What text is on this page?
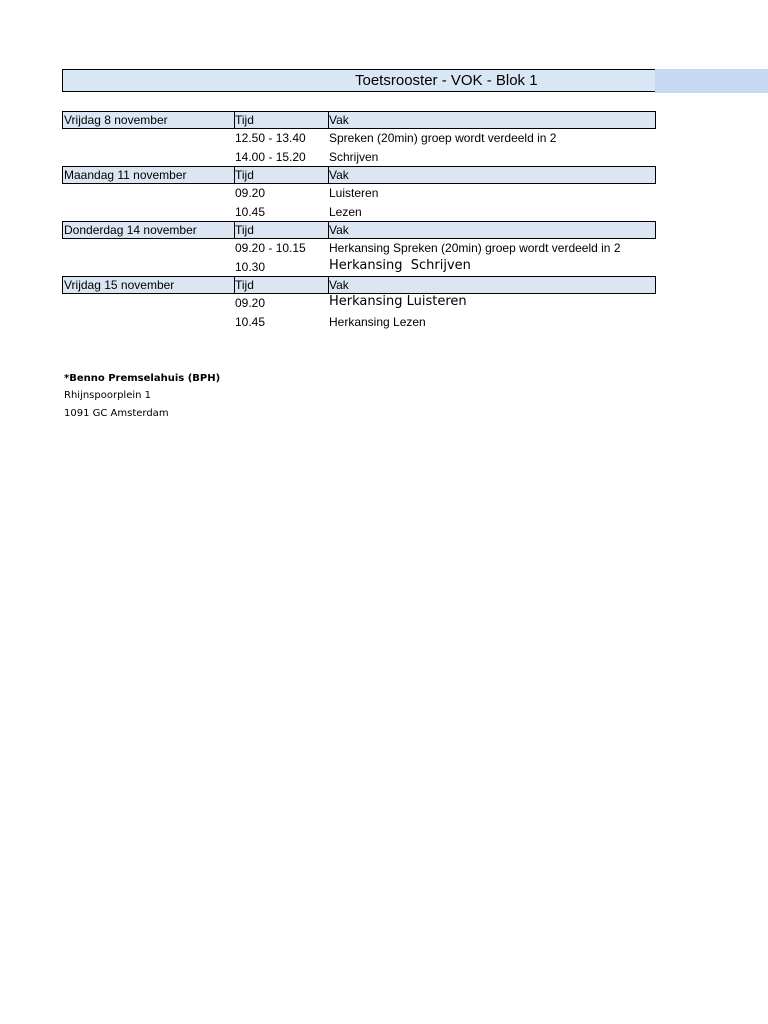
Toetsrooster - VOK - Blok 1
Vrijdag 8 november	Tijd	Vak
12.50 - 13.40 Spreken (20min) groep wordt verdeeld in 2
14.00 - 15.20 Schrijven
Maandag 11 november	Tijd	Vak
09.20	Luisteren
10.45	Lezen
Donderdag 14 november	Tijd	Vak
09.20 - 10.15 Herkansing Spreken (20min) groep wordt verdeeld in 2
10.30	Herkansing  Schrijven
Vrijdag 15 november	Tijd	Vak
09.20	Herkansing Luisteren
10.45	Herkansing Lezen
*Benno Premselahuis (BPH)
Rhijnspoorplein 1
1091 GC Amsterdam
